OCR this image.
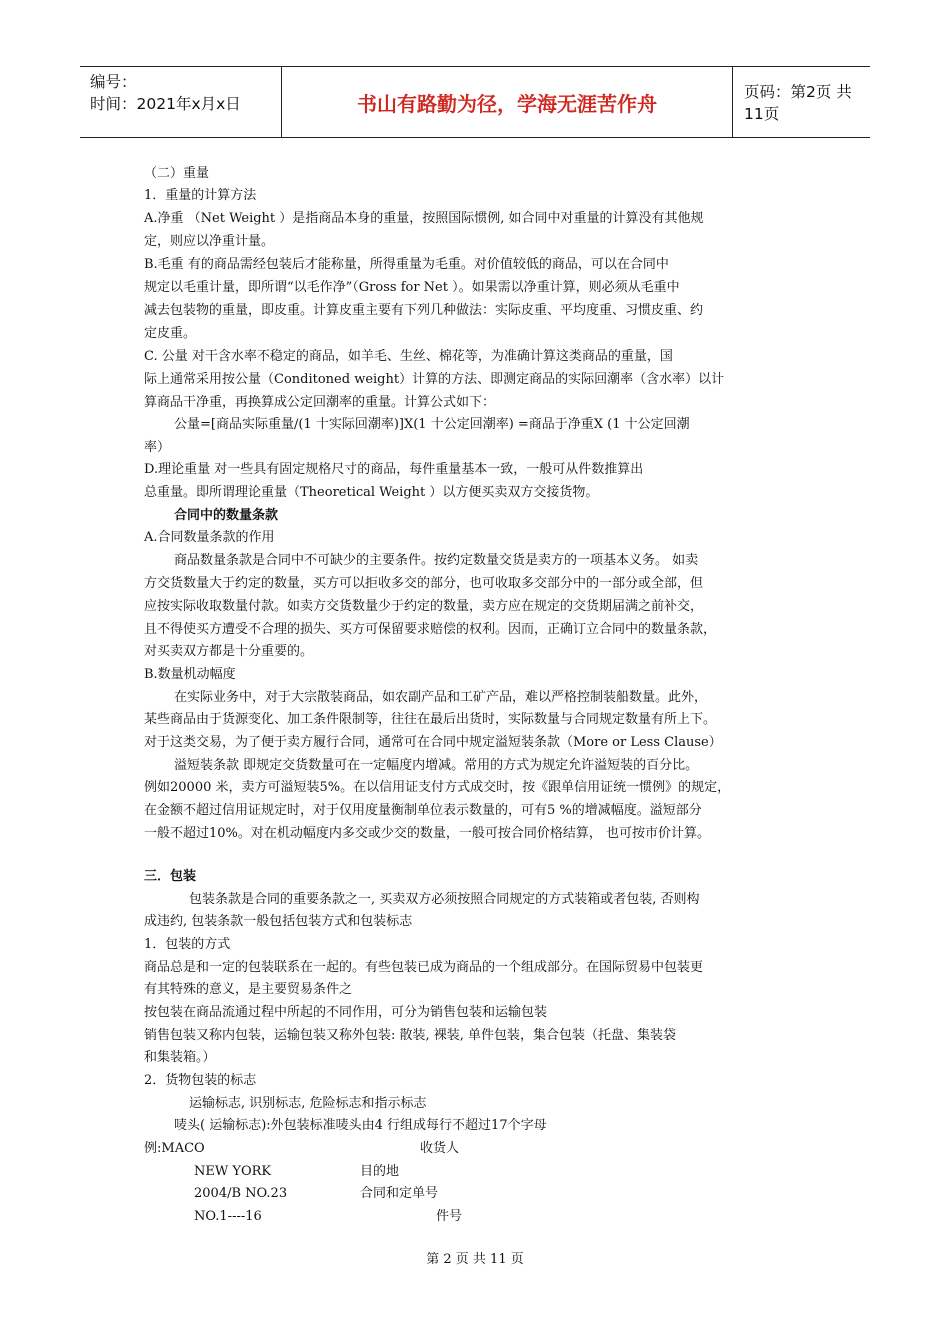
编号：
时间：2021年x月x日	书山有路勤为径，学海无涯苦作舟	页码：第2页 共11页
（二）重量
1．重量的计算方法
A.净重 （Net Weight ）是指商品本身的重量，按照国际惯例, 如合同中对重量的计算没有其他规
定，则应以净重计量。
B.毛重 有的商品需经包装后才能称量，所得重量为毛重。对价值较低的商品，可以在合同中
规定以毛重计量，即所谓“以毛作净”（Gross for Net ）。如果需以净重计算，则必须从毛重中
减去包装物的重量，即皮重。计算皮重主要有下列几种做法：实际皮重、平均度重、习惯皮重、约
定皮重。
C. 公量 对干含水率不稳定的商品，如羊毛、生丝、棉花等，为准确计算这类商品的重量，国
际上通常采用按公量（Conditoned weight）计算的方法、即测定商品的实际回潮率（含水率）以计
算商品干净重，再换算成公定回潮率的重量。计算公式如下：
公量=[商品实际重量/(1 十实际回潮率)]X(1 十公定回潮率) =商品于净重X (1 十公定回潮
率）
D.理论重量 对一些具有固定规格尺寸的商品，每件重量基本一致，一般可从件数推算出
总重量。即所谓理论重量（Theoretical Weight ）以方便买卖双方交接货物。
合同中的数量条款
A.合同数量条款的作用
商品数量条款是合同中不可缺少的主要条件。按约定数量交货是卖方的一项基本义务。 如卖
方交货数量大于约定的数量，买方可以拒收多交的部分，也可收取多交部分中的一部分或全部，但
应按实际收取数量付款。如卖方交货数量少于约定的数量，卖方应在规定的交货期届满之前补交，
且不得使买方遭受不合理的损失、买方可保留要求赔偿的权利。因而，正确订立合同中的数量条款，
对买卖双方都是十分重要的。
B.数量机动幅度
在实际业务中，对于大宗散装商品，如农副产品和工矿产品，难以严格控制装船数量。此外，
某些商品由于货源变化、加工条件限制等，往往在最后出货时，实际数量与合同规定数量有所上下。
对于这类交易，为了便于卖方履行合同，通常可在合同中规定溢短装条款（More or Less Clause）
溢短装条款 即规定交货数量可在一定幅度内增减。常用的方式为规定允许溢短装的百分比。
例如20000 米，卖方可溢短装5%。在以信用证支付方式成交时，按《跟单信用证统一惯例》的规定，
在金额不超过信用证规定时，对于仅用度量衡制单位表示数量的，可有5 %的增减幅度。溢短部分
一般不超过10%。对在机动幅度内多交或少交的数量，一般可按合同价格结算， 也可按市价计算。
三．包装
包装条款是合同的重要条款之一, 买卖双方必须按照合同规定的方式装箱或者包装, 否则构
成违约, 包装条款一般包括包装方式和包装标志
1．包装的方式
商品总是和一定的包装联系在一起的。有些包装已成为商品的一个组成部分。在国际贸易中包装更
有其特殊的意义，是主要贸易条件之
按包装在商品流通过程中所起的不同作用，可分为销售包装和运输包装
销售包装又称内包装，运输包装又称外包装: 散装, 裸装, 单件包装，集合包装（托盘、集装袋
和集装箱。）
2．货物包装的标志
运输标志, 识别标志, 危险标志和指示标志
唛头( 运输标志):外包装标准唛头由4 行组成每行不超过17个字母
例:MACO	收货人
NEW YORK	目的地
2004/B NO.23	合同和定单号
NO.1----16	件号
第 2 页 共 11 页
